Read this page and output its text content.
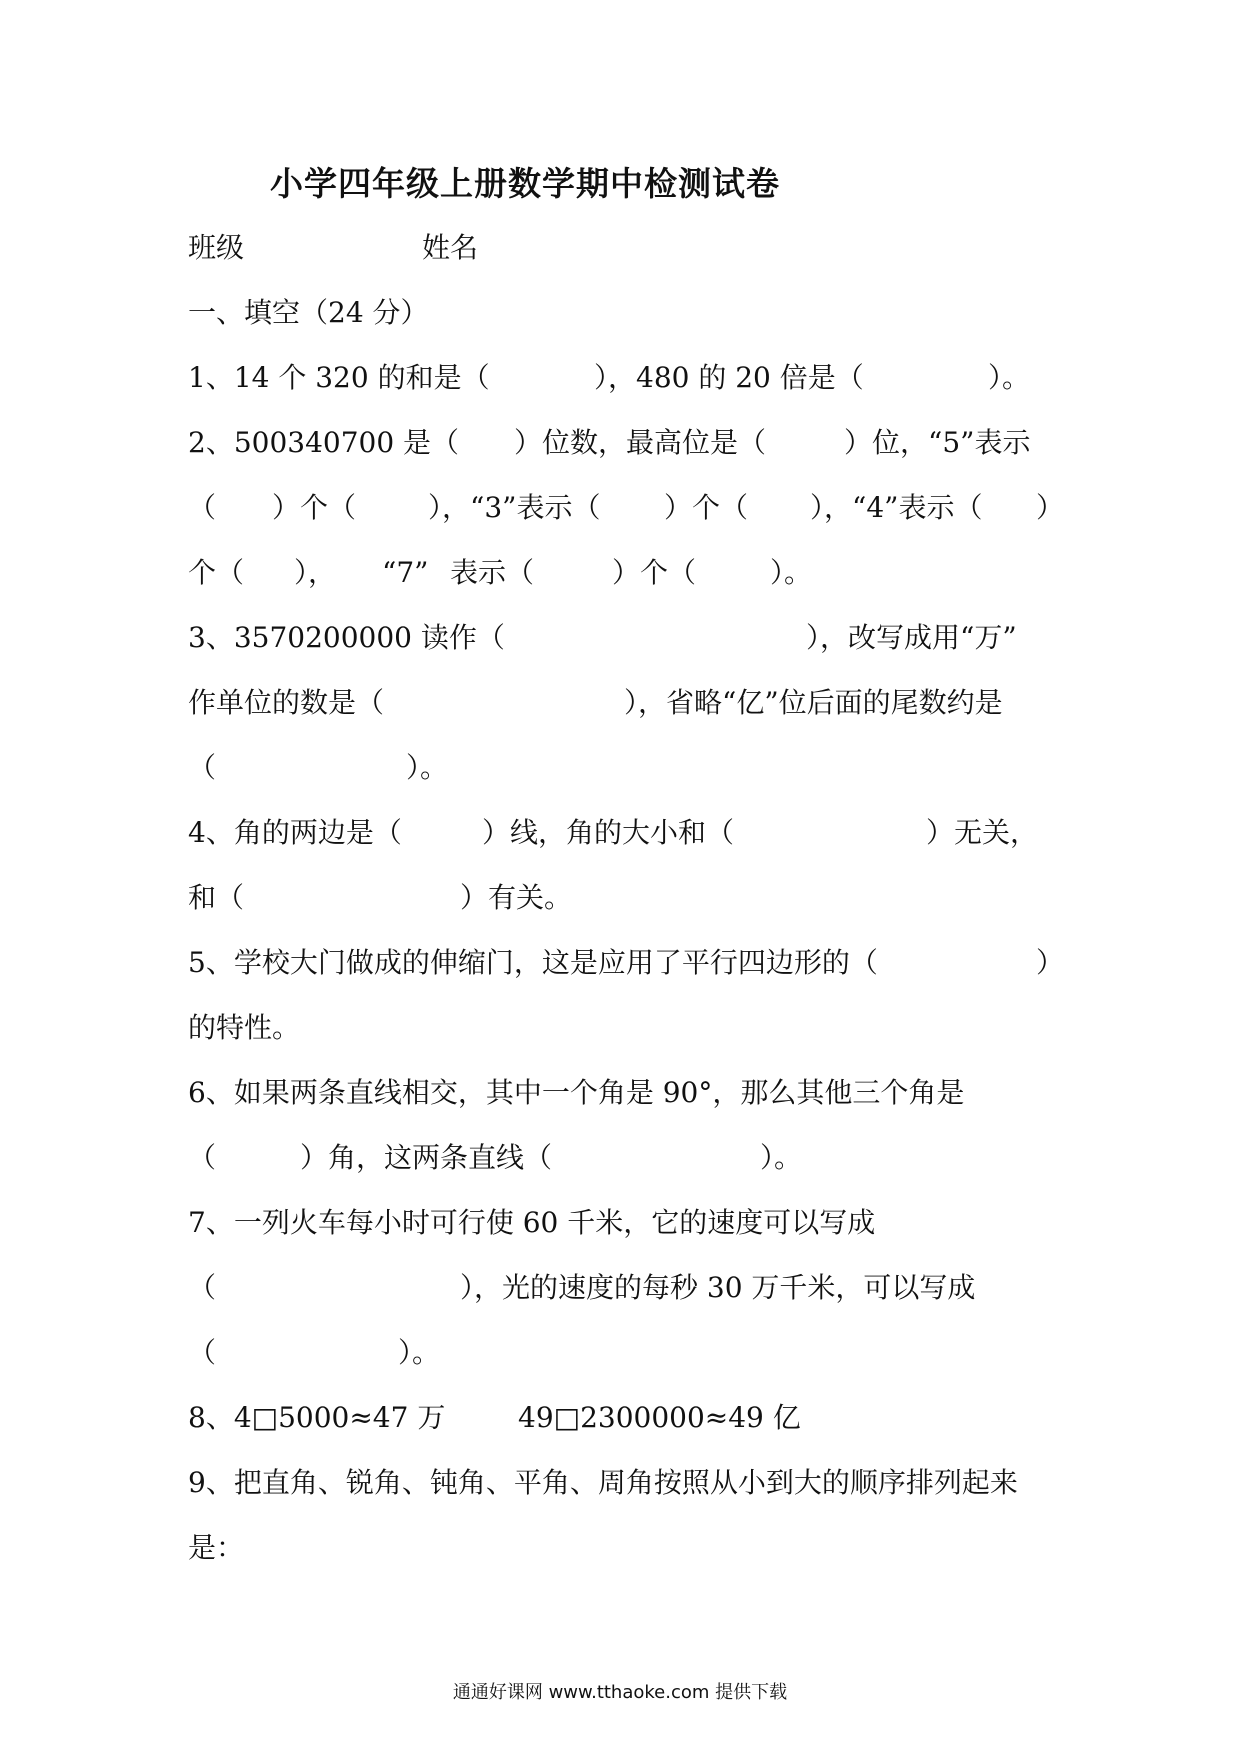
小学四年级上册数学期中检测试卷
班级	姓名
一、填空（24 分）
1、14 个 320 的和是（	），480 的 20 倍是（	）。
2、500340700 是（ ）位数，最高位是（	）位，“5”表示
（ ）个（	），“3”表示（ ）个（ ），“4”表示（ ）
个（ ）， “7” 表示（	）个（	）。
3、3570200000 读作（	），改写成用“万”
作单位的数是（	），省略“亿”位后面的尾数约是
（	）。
4、角的两边是（	）线，角的大小和（	）无关，
和（	）有关。
5、学校大门做成的伸缩门，这是应用了平行四边形的（	）
的特性。
6、如果两条直线相交，其中一个角是 90°，那么其他三个角是
（	）角，这两条直线（	）。
7、一列火车每小时可行使 60 千米，它的速度可以写成
（	），光的速度的每秒 30 万千米，可以写成
（	）。
8、4□5000≈47 万	49□2300000≈49 亿
9、把直角、锐角、钝角、平角、周角按照从小到大的顺序排列起来
是：
通通好课网 www.tthaoke.com 提供下载
